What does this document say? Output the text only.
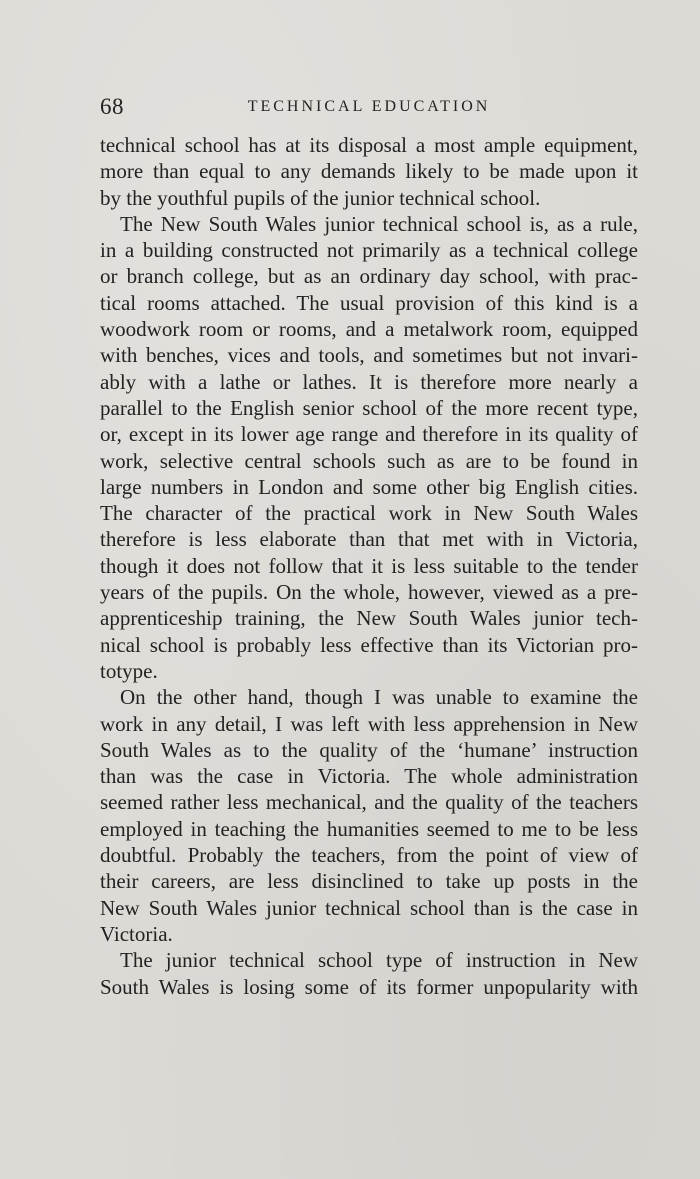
68	TECHNICAL EDUCATION
technical school has at its disposal a most ample equipment,
more than equal to any demands likely to be made upon it
by the youthful pupils of the junior technical school.
The New South Wales junior technical school is, as a rule,
in a building constructed not primarily as a technical college
or branch college, but as an ordinary day school, with prac-
tical rooms attached. The usual provision of this kind is a
woodwork room or rooms, and a metalwork room, equipped
with benches, vices and tools, and sometimes but not invari-
ably with a lathe or lathes. It is therefore more nearly a
parallel to the English senior school of the more recent type,
or, except in its lower age range and therefore in its quality of
work, selective central schools such as are to be found in
large numbers in London and some other big English cities.
The character of the practical work in New South Wales
therefore is less elaborate than that met with in Victoria,
though it does not follow that it is less suitable to the tender
years of the pupils. On the whole, however, viewed as a pre-
apprenticeship training, the New South Wales junior tech-
nical school is probably less effective than its Victorian pro-
totype.
On the other hand, though I was unable to examine the
work in any detail, I was left with less apprehension in New
South Wales as to the quality of the ‘humane’ instruction
than was the case in Victoria. The whole administration
seemed rather less mechanical, and the quality of the teachers
employed in teaching the humanities seemed to me to be less
doubtful. Probably the teachers, from the point of view of
their careers, are less disinclined to take up posts in the
New South Wales junior technical school than is the case in
Victoria.
The junior technical school type of instruction in New
South Wales is losing some of its former unpopularity with
